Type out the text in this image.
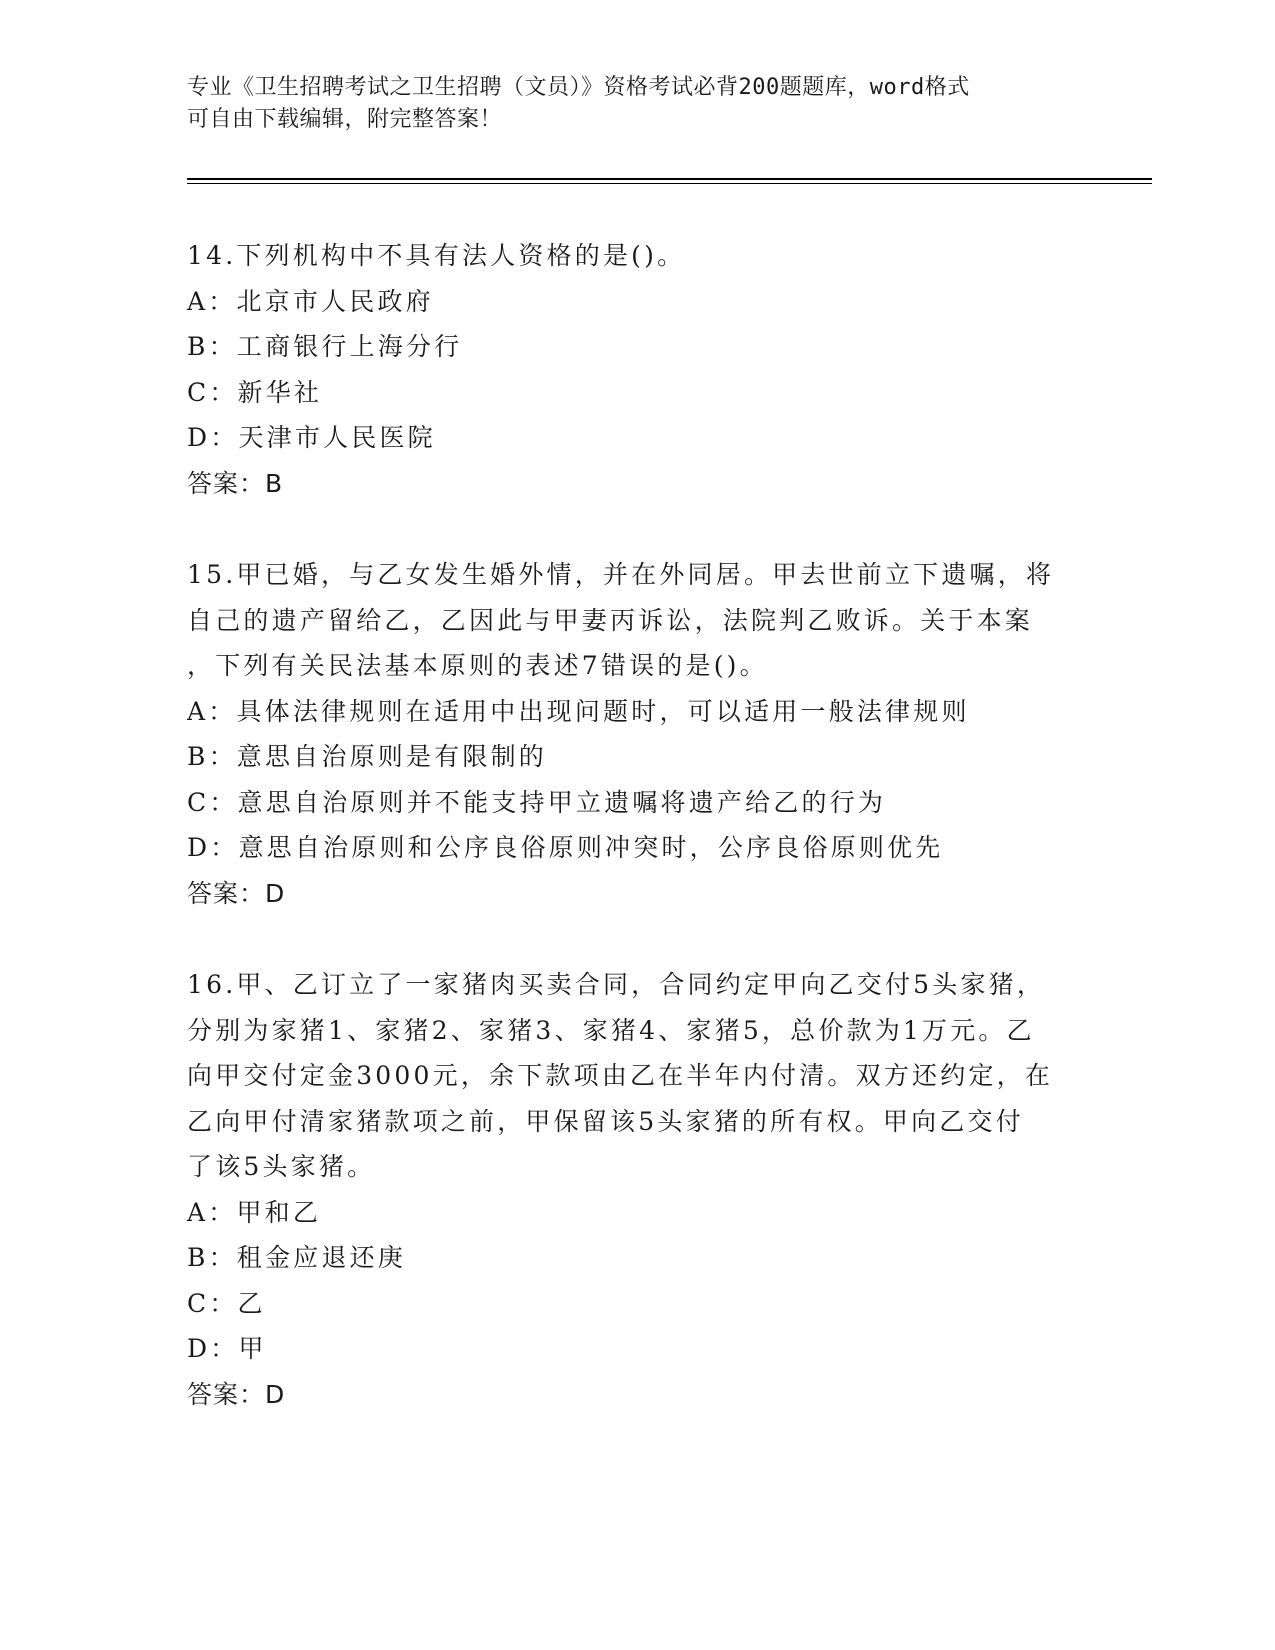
专业《卫生招聘考试之卫生招聘（文员）》资格考试必背200题题库，word格式
可自由下载编辑，附完整答案！
14.下列机构中不具有法人资格的是()。
A：北京市人民政府
B：工商银行上海分行
C：新华社
D：天津市人民医院
答案：B
15.甲已婚，与乙女发生婚外情，并在外同居。甲去世前立下遗嘱，将
自己的遗产留给乙，乙因此与甲妻丙诉讼，法院判乙败诉。关于本案
，下列有关民法基本原则的表述7错误的是()。
A：具体法律规则在适用中出现问题时，可以适用一般法律规则
B：意思自治原则是有限制的
C：意思自治原则并不能支持甲立遗嘱将遗产给乙的行为
D：意思自治原则和公序良俗原则冲突时，公序良俗原则优先
答案：D
16.甲、乙订立了一家猪肉买卖合同，合同约定甲向乙交付5头家猪，
分别为家猪1、家猪2、家猪3、家猪4、家猪5，总价款为1万元。乙
向甲交付定金3000元，余下款项由乙在半年内付清。双方还约定，在
乙向甲付清家猪款项之前，甲保留该5头家猪的所有权。甲向乙交付
了该5头家猪。
A：甲和乙
B：租金应退还庚
C：乙
D：甲
答案：D
